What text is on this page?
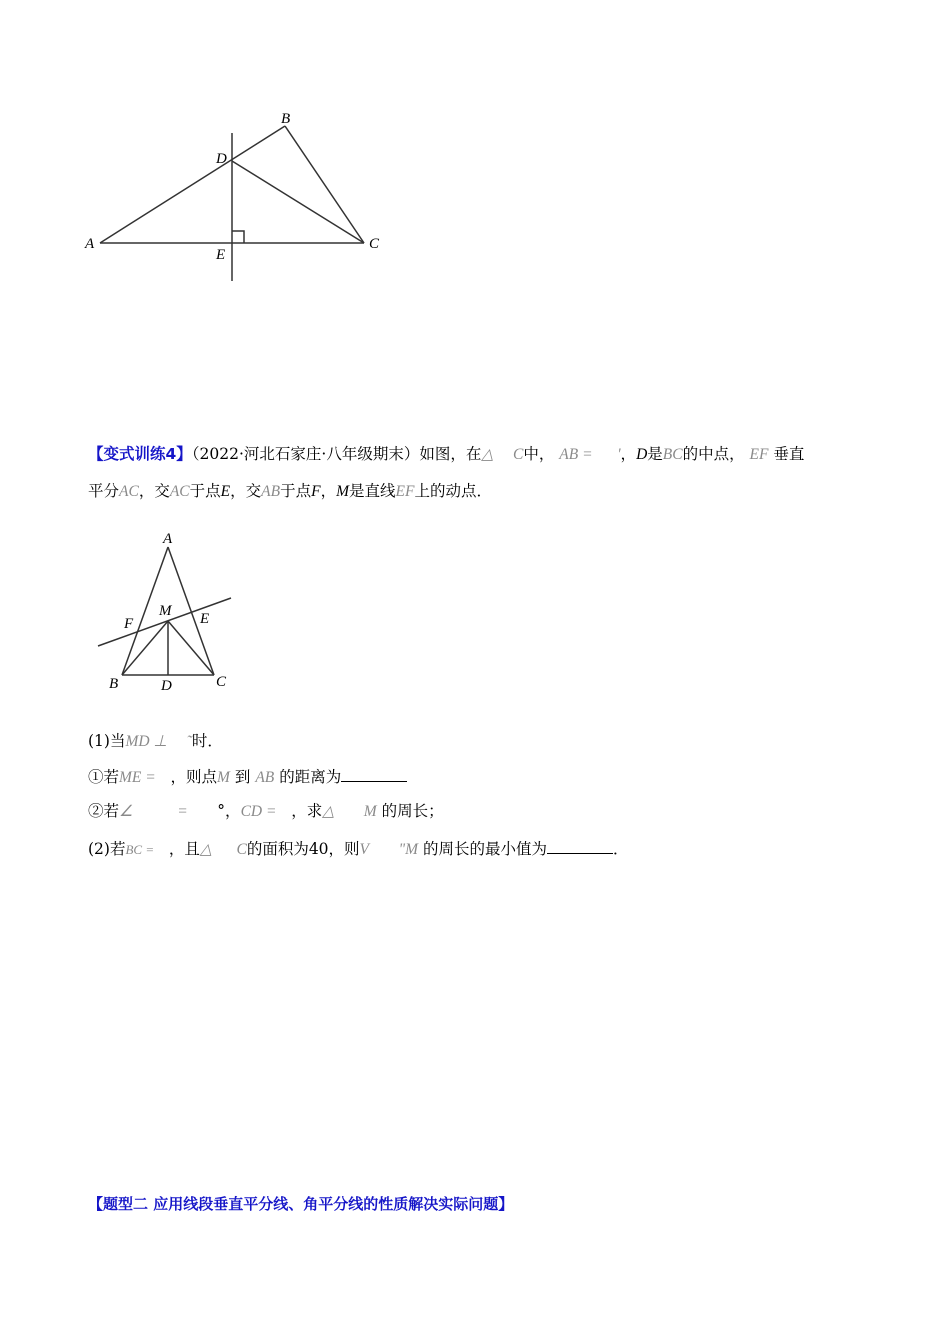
A
B
C
D
E
【变式训练4】（2022·河北石家庄·八年级期末）如图，在△ C中， AB = '，D是BC的中点， EF 垂直
平分AC，交AC于点E，交AB于点F，M是直线EF上的动点．
A
M
F	E
B	D	C
(1)当MD ⊥ ˜时．
①若ME = ，则点M 到 AB 的距离为
②若∠	= °，CD = ，求△ M 的周长；
(2)若BC = ，且△ C的面积为40，则V "M 的周长的最小值为	．
【题型二 应用线段垂直平分线、角平分线的性质解决实际问题】
